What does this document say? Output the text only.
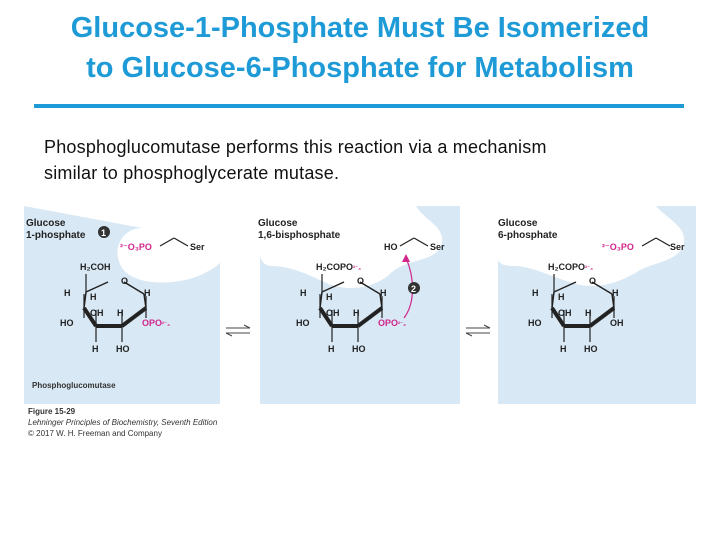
Glucose-1-Phosphate Must Be Isomerized
to Glucose-6-Phosphate for Metabolism
Phosphoglucomutase performs this reaction via a mechanism
similar to phosphoglycerate mutase.
Glucose
1-phosphate 1
²⁻O₃PO	Ser
H₂COH
O
H H	H
HO
OH H
OPO²⁻₃
H HO
Phosphoglucomutase
Glucose
1,6-bisphosphate
HO	Ser
H₂COPO²⁻₃
O
H H	H
HO
OH H
OPO²⁻₃
H HO
2
Glucose
6-phosphate
²⁻O₃PO	Ser
H₂COPO²⁻₃
O
H H	H
HO
OH H
OH
H HO
Figure 15-29
Lehninger Principles of Biochemistry, Seventh Edition
© 2017 W. H. Freeman and Company
